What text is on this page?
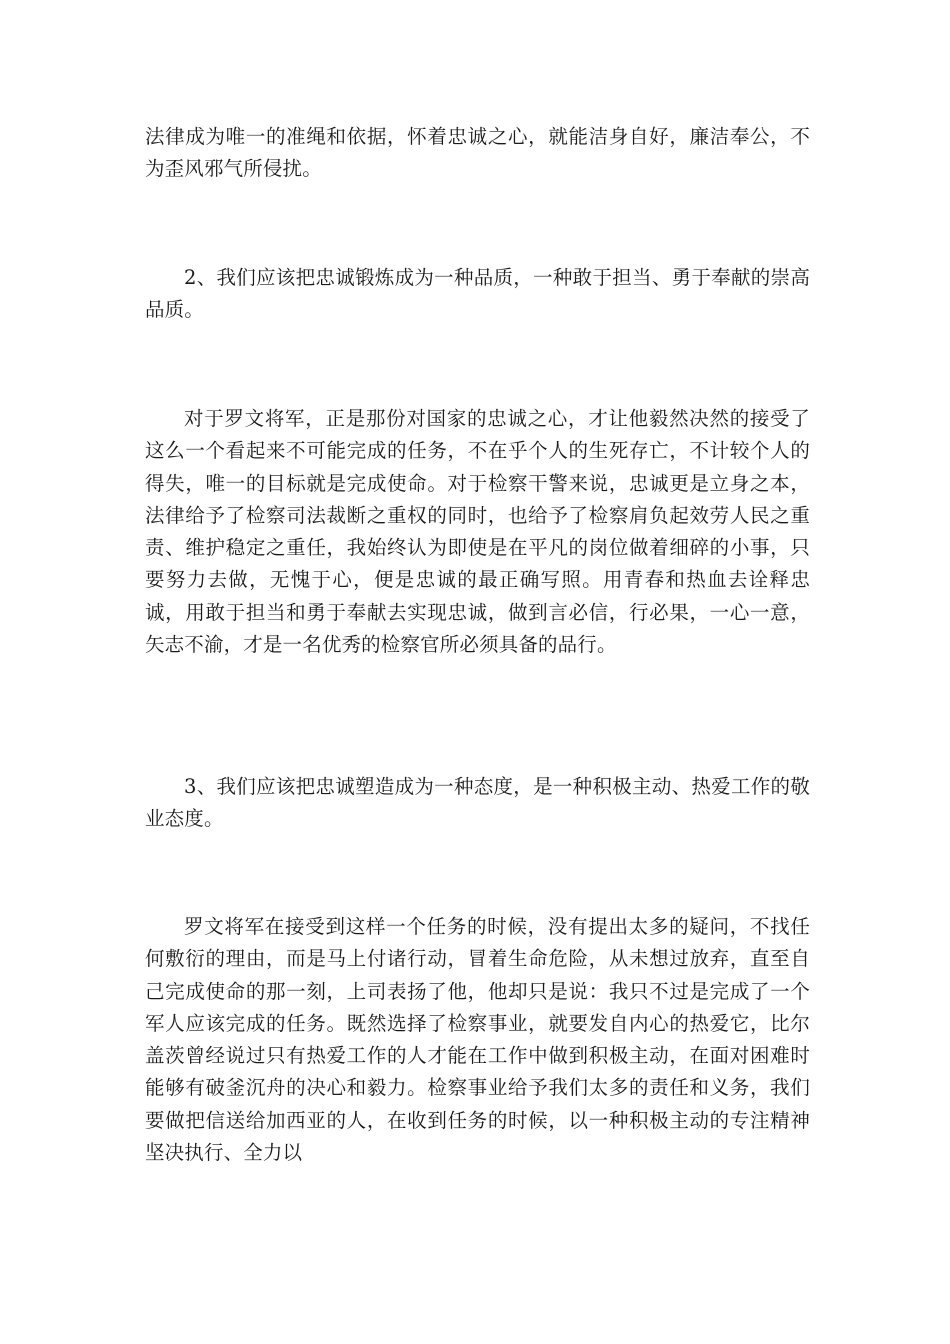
法律成为唯一的准绳和依据，怀着忠诚之心，就能洁身自好，廉洁奉公，不为歪风邪气所侵扰。

2、我们应该把忠诚锻炼成为一种品质，一种敢于担当、勇于奉献的崇高品质。

对于罗文将军，正是那份对国家的忠诚之心，才让他毅然决然的接受了这么一个看起来不可能完成的任务，不在乎个人的生死存亡，不计较个人的得失，唯一的目标就是完成使命。对于检察干警来说，忠诚更是立身之本，法律给予了检察司法裁断之重权的同时，也给予了检察肩负起效劳人民之重责、维护稳定之重任，我始终认为即使是在平凡的岗位做着细碎的小事，只要努力去做，无愧于心，便是忠诚的最正确写照。用青春和热血去诠释忠诚，用敢于担当和勇于奉献去实现忠诚，做到言必信，行必果，一心一意，矢志不渝，才是一名优秀的检察官所必须具备的品行。

3、我们应该把忠诚塑造成为一种态度，是一种积极主动、热爱工作的敬业态度。

罗文将军在接受到这样一个任务的时候，没有提出太多的疑问，不找任何敷衍的理由，而是马上付诸行动，冒着生命危险，从未想过放弃，直至自己完成使命的那一刻，上司表扬了他，他却只是说：我只不过是完成了一个军人应该完成的任务。既然选择了检察事业，就要发自内心的热爱它，比尔盖茨曾经说过只有热爱工作的人才能在工作中做到积极主动，在面对困难时能够有破釜沉舟的决心和毅力。检察事业给予我们太多的责任和义务，我们要做把信送给加西亚的人，在收到任务的时候，以一种积极主动的专注精神坚决执行、全力以
